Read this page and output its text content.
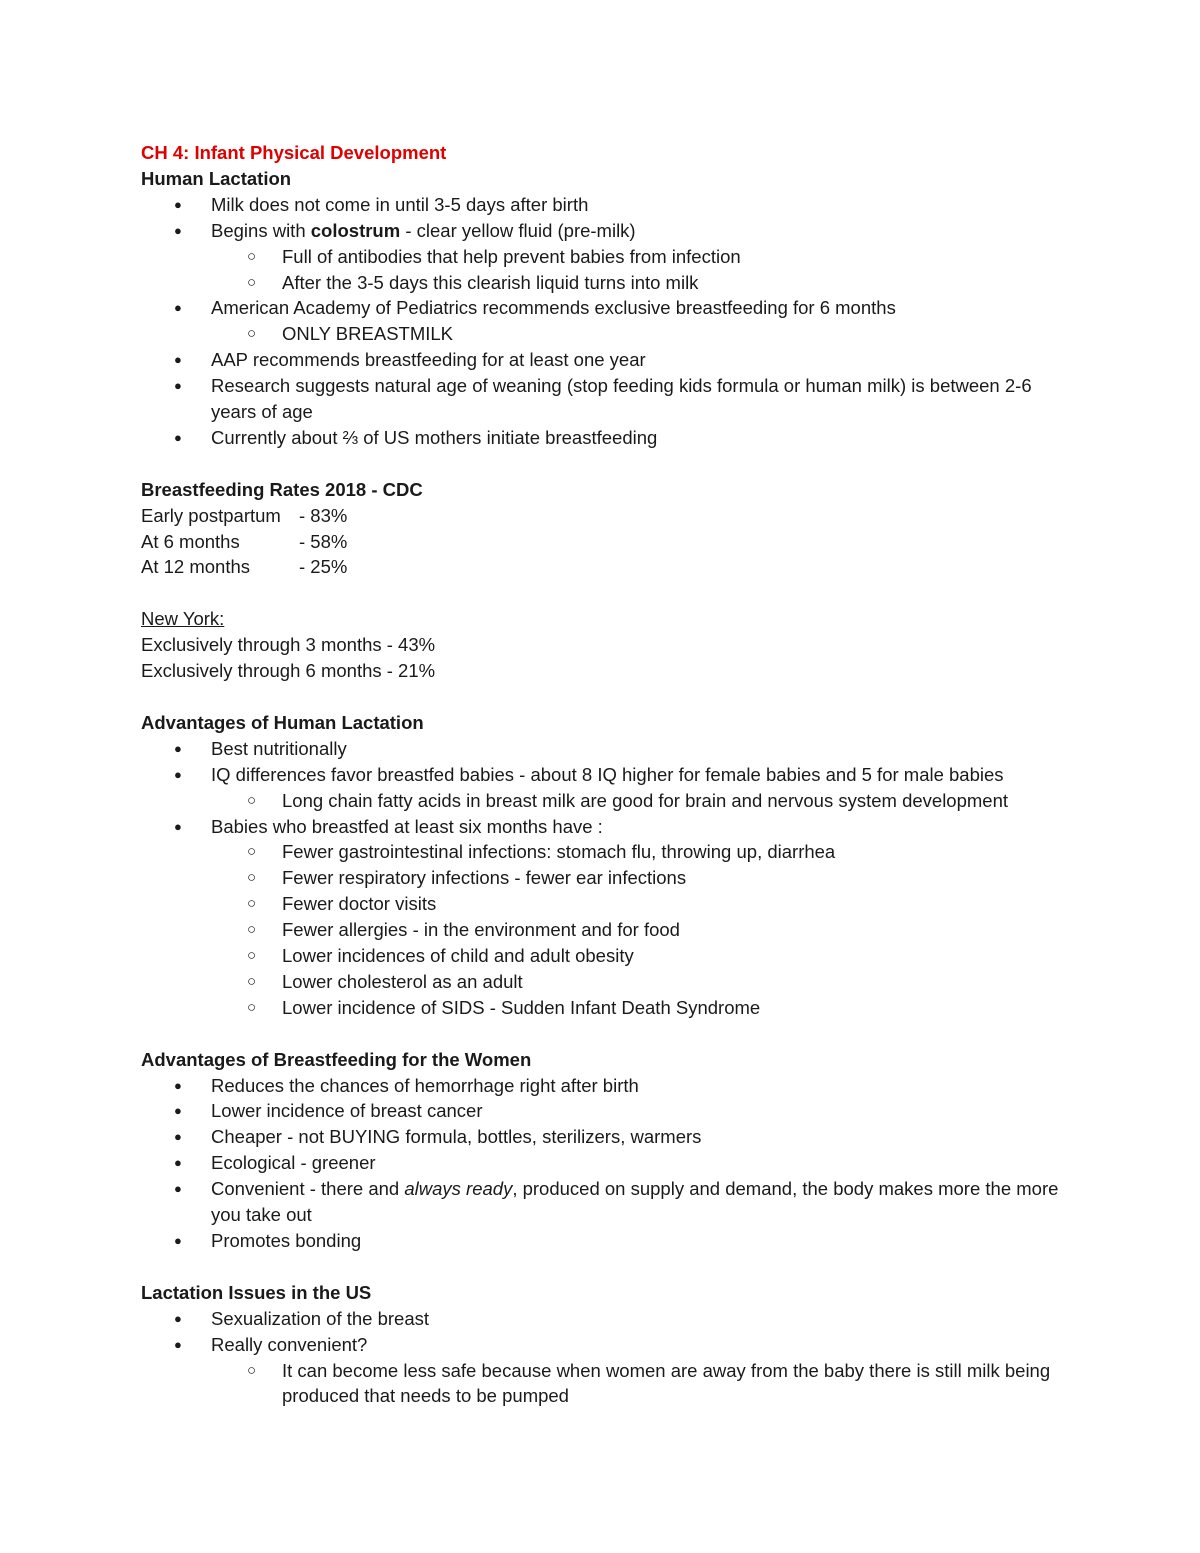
CH 4: Infant Physical Development
Human Lactation
● Milk does not come in until 3-5 days after birth
● Begins with colostrum - clear yellow fluid (pre-milk)
○ Full of antibodies that help prevent babies from infection
○ After the 3-5 days this clearish liquid turns into milk
● American Academy of Pediatrics recommends exclusive breastfeeding for 6 months
○ ONLY BREASTMILK
● AAP recommends breastfeeding for at least one year
● Research suggests natural age of weaning (stop feeding kids formula or human milk) is between 2-6 years of age
● Currently about ⅔ of US mothers initiate breastfeeding
Breastfeeding Rates 2018 - CDC
Early postpartum - 83%
At 6 months	- 58%
At 12 months	- 25%
New York:
Exclusively through 3 months - 43%
Exclusively through 6 months - 21%
Advantages of Human Lactation
● Best nutritionally
● IQ differences favor breastfed babies - about 8 IQ higher for female babies and 5 for male babies
○ Long chain fatty acids in breast milk are good for brain and nervous system development
● Babies who breastfed at least six months have :
○ Fewer gastrointestinal infections: stomach flu, throwing up, diarrhea
○ Fewer respiratory infections - fewer ear infections
○ Fewer doctor visits
○ Fewer allergies - in the environment and for food
○ Lower incidences of child and adult obesity
○ Lower cholesterol as an adult
○ Lower incidence of SIDS - Sudden Infant Death Syndrome
Advantages of Breastfeeding for the Women
● Reduces the chances of hemorrhage right after birth
● Lower incidence of breast cancer
● Cheaper - not BUYING formula, bottles, sterilizers, warmers
● Ecological - greener
● Convenient - there and always ready, produced on supply and demand, the body makes more the more you take out
● Promotes bonding
Lactation Issues in the US
● Sexualization of the breast
● Really convenient?
○ It can become less safe because when women are away from the baby there is still milk being produced that needs to be pumped
